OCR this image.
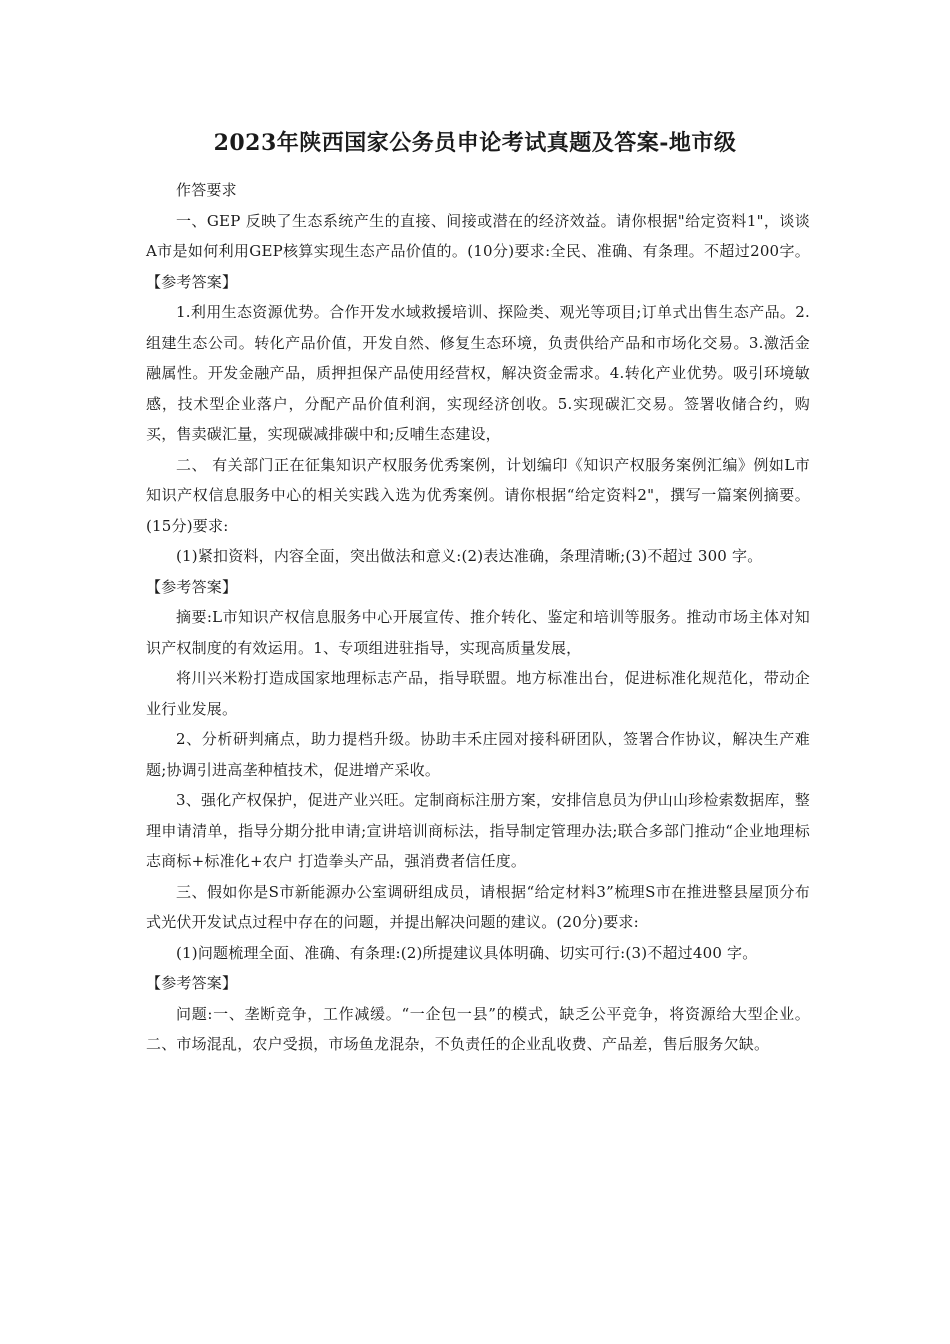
2023年陕西国家公务员申论考试真题及答案-地市级

作答要求

一、GEP 反映了生态系统产生的直接、间接或潜在的经济效益。请你根据"给定资料1"，谈谈A市是如何利用GEP核算实现生态产品价值的。(10分)要求:全民、准确、有条理。不超过200字。【参考答案】

1.利用生态资源优势。合作开发水域救援培训、探险类、观光等项目;订单式出售生态产品。2.组建生态公司。转化产品价值，开发自然、修复生态环境，负责供给产品和市场化交易。3.激活金融属性。开发金融产品，质押担保产品使用经营权，解决资金需求。4.转化产业优势。吸引环境敏感，技术型企业落户，分配产品价值利润，实现经济创收。5.实现碳汇交易。签署收储合约，购买，售卖碳汇量，实现碳减排碳中和;反哺生态建设，

二、 有关部门正在征集知识产权服务优秀案例，计划编印《知识产权服务案例汇编》例如L市知识产权信息服务中心的相关实践入选为优秀案例。请你根据“给定资料2"，撰写一篇案例摘要。(15分)要求:

(1)紧扣资料，内容全面，突出做法和意义:(2)表达准确，条理清晰;(3)不超过 300 字。

【参考答案】

摘要:L市知识产权信息服务中心开展宣传、推介转化、鉴定和培训等服务。推动市场主体对知识产权制度的有效运用。1、专项组进驻指导，实现高质量发展，

将川兴米粉打造成国家地理标志产品，指导联盟。地方标准出台，促进标准化规范化，带动企业行业发展。

2、分析研判痛点，助力提档升级。协助丰禾庄园对接科研团队，签署合作协议，解决生产难题;协调引进高垄种植技术，促进增产采收。

3、强化产权保护，促进产业兴旺。定制商标注册方案，安排信息员为伊山山珍检索数据库，整理申请清单，指导分期分批申请;宣讲培训商标法，指导制定管理办法;联合多部门推动“企业地理标志商标+标准化+农户 打造拳头产品，强消费者信任度。

三、假如你是S市新能源办公室调研组成员，请根据“给定材料3”梳理S市在推进整县屋顶分布式光伏开发试点过程中存在的问题，并提出解决问题的建议。(20分)要求:

(1)问题梳理全面、准确、有条理:(2)所提建议具体明确、切实可行:(3)不超过400 字。

【参考答案】

问题:一、垄断竞争，工作减缓。“一企包一县”的模式，缺乏公平竞争，将资源给大型企业。二、市场混乱，农户受损，市场鱼龙混杂，不负责任的企业乱收费、产品差，售后服务欠缺。
